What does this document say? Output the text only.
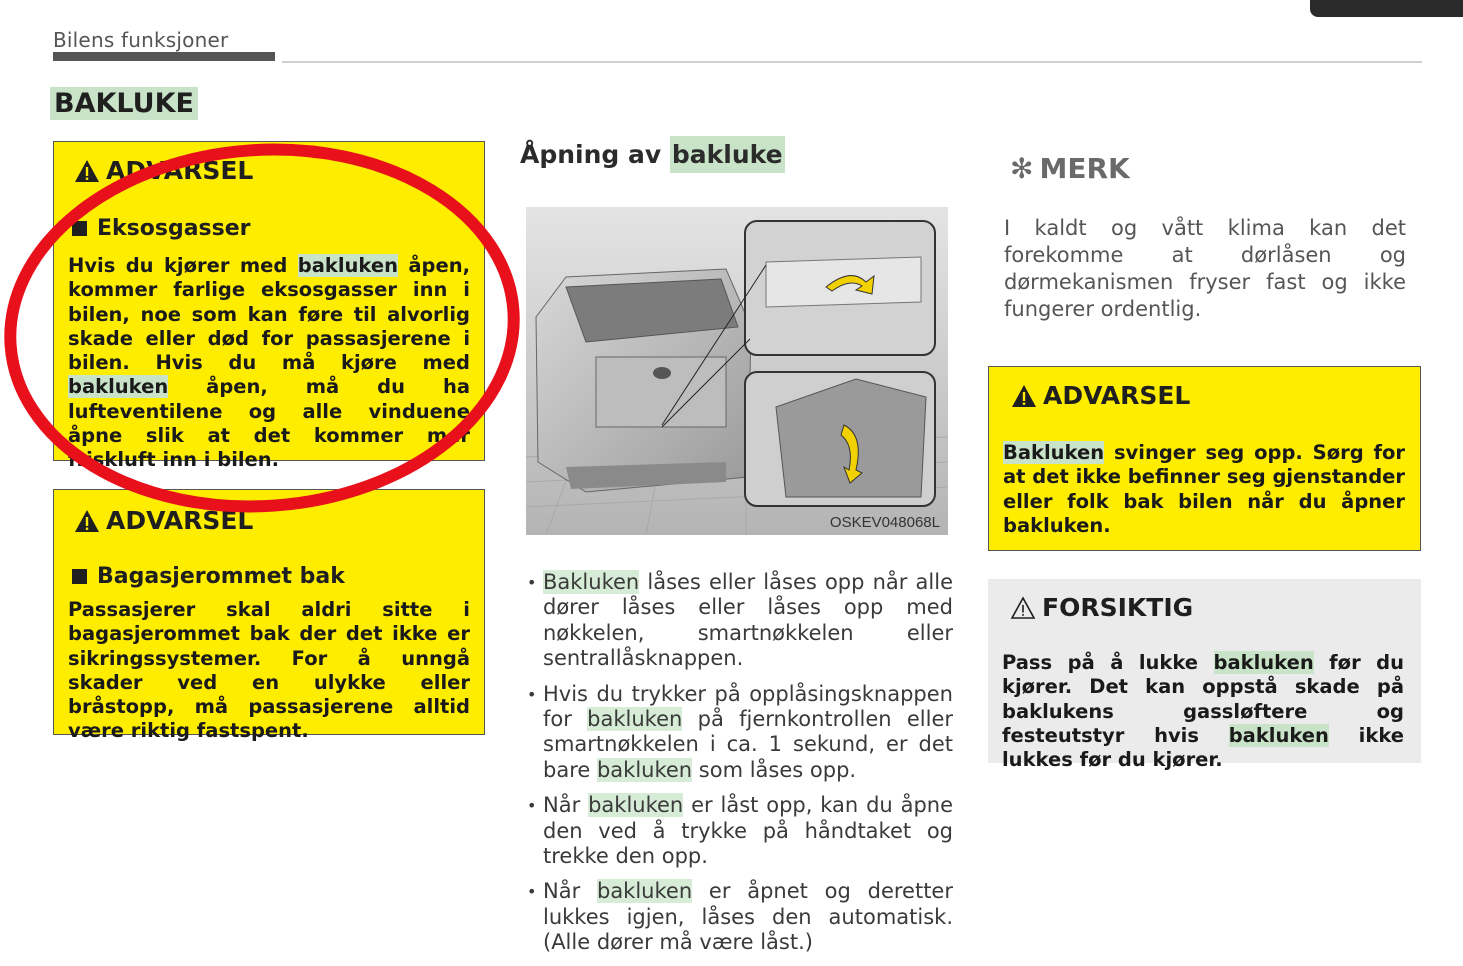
Bilens funksjoner
BAKLUKE
ADVARSEL
Eksosgasser
Hvis du kjører med bakluken åpen, kommer farlige eksosgasser inn i bilen, noe som kan føre til alvorlig skade eller død for passasjerene i bilen. Hvis du må kjøre med bakluken åpen, må du ha lufteventilene og alle vinduene åpne slik at det kommer mer friskluft inn i bilen.
ADVARSEL
Bagasjerommet bak
Passasjerer skal aldri sitte i bagasjerommet bak der det ikke er sikringssystemer. For å unngå skader ved en ulykke eller bråstopp, må passasjerene alltid være riktig fastspent.
Åpning av bakluke
OSKEV048068L
• Bakluken låses eller låses opp når alle dører låses eller låses opp med nøkkelen, smartnøkkelen eller sentrallåsknappen.
• Hvis du trykker på opplåsingsknappen for bakluken på fjernkontrollen eller smartnøkkelen i ca. 1 sekund, er det bare bakluken som låses opp.
• Når bakluken er låst opp, kan du åpne den ved å trykke på håndtaket og trekke den opp.
• Når bakluken er åpnet og deretter lukkes igjen, låses den automatisk. (Alle dører må være låst.)
✻ MERK
I kaldt og vått klima kan det forekomme at dørlåsen og dørmekanismen fryser fast og ikke fungerer ordentlig.
ADVARSEL
Bakluken svinger seg opp. Sørg for at det ikke befinner seg gjenstander eller folk bak bilen når du åpner bakluken.
FORSIKTIG
Pass på å lukke bakluken før du kjører. Det kan oppstå skade på baklukens gassløftere og festeutstyr hvis bakluken ikke lukkes før du kjører.
